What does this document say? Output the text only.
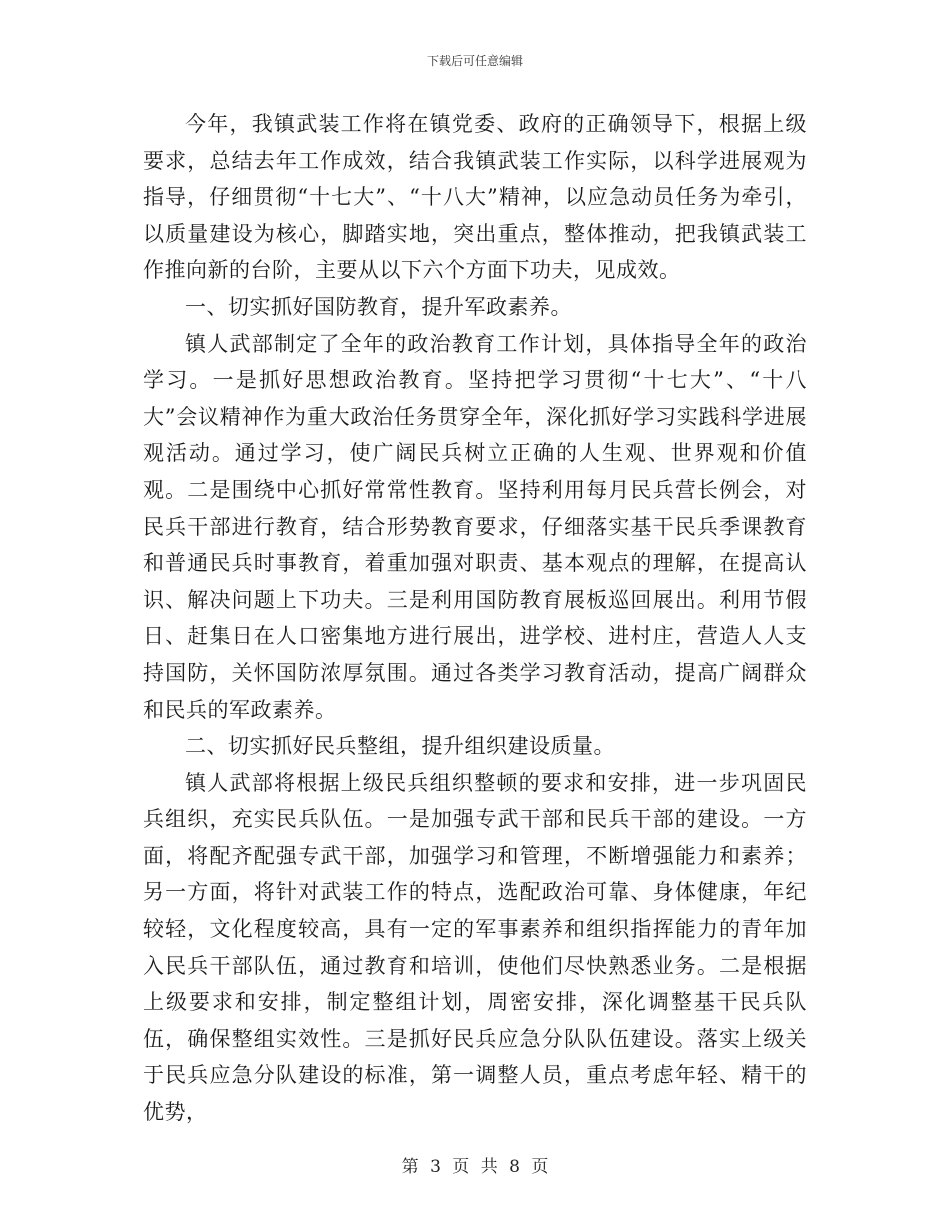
下载后可任意编辑

今年，我镇武装工作将在镇党委、政府的正确领导下，根据上级要求，总结去年工作成效，结合我镇武装工作实际，以科学进展观为指导，仔细贯彻“十七大”、“十八大”精神，以应急动员任务为牵引，以质量建设为核心，脚踏实地，突出重点，整体推动，把我镇武装工作推向新的台阶，主要从以下六个方面下功夫，见成效。

一、切实抓好国防教育，提升军政素养。

镇人武部制定了全年的政治教育工作计划，具体指导全年的政治学习。一是抓好思想政治教育。坚持把学习贯彻“十七大”、“十八大”会议精神作为重大政治任务贯穿全年，深化抓好学习实践科学进展观活动。通过学习，使广阔民兵树立正确的人生观、世界观和价值观。二是围绕中心抓好常常性教育。坚持利用每月民兵营长例会，对民兵干部进行教育，结合形势教育要求，仔细落实基干民兵季课教育和普通民兵时事教育，着重加强对职责、基本观点的理解，在提高认识、解决问题上下功夫。三是利用国防教育展板巡回展出。利用节假日、赶集日在人口密集地方进行展出，进学校、进村庄，营造人人支持国防，关怀国防浓厚氛围。通过各类学习教育活动，提高广阔群众和民兵的军政素养。

二、切实抓好民兵整组，提升组织建设质量。

镇人武部将根据上级民兵组织整顿的要求和安排，进一步巩固民兵组织，充实民兵队伍。一是加强专武干部和民兵干部的建设。一方面，将配齐配强专武干部，加强学习和管理，不断增强能力和素养；另一方面，将针对武装工作的特点，选配政治可靠、身体健康，年纪较轻，文化程度较高，具有一定的军事素养和组织指挥能力的青年加入民兵干部队伍，通过教育和培训，使他们尽快熟悉业务。二是根据上级要求和安排，制定整组计划，周密安排，深化调整基干民兵队伍，确保整组实效性。三是抓好民兵应急分队队伍建设。落实上级关于民兵应急分队建设的标准，第一调整人员，重点考虑年轻、精干的优势，

第 3 页 共 8 页
